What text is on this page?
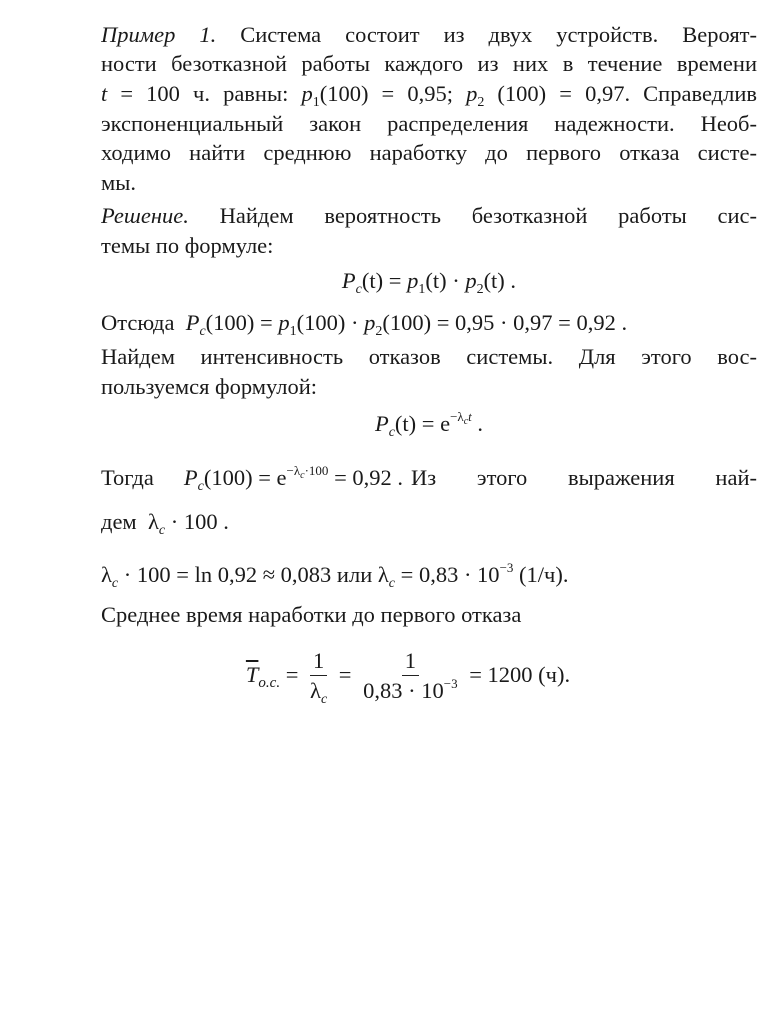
Пример 1. Система состоит из двух устройств. Вероят-
ности безотказной работы каждого из них в течение времени
t = 100 ч. равны: $p_1(100) = 0,95$; $p_2$ (100) = 0,97. Справедлив
экспоненциальный закон распределения надежности. Необ-
ходимо найти среднюю наработку до первого отказа систе-
мы.
Решение. Найдем вероятность безотказной работы сис-
темы по формуле:
$P_c(t) = p_1(t) \cdot p_2(t)$ .
Отсюда $P_c(100) = p_1(100) \cdot p_2(100) = 0,95 \cdot 0,97 = 0,92$ .
Найдем интенсивность отказов системы. Для этого вос-
пользуемся формулой:
$P_c(t) = e^{-\lambda_ct}$ .
Тогда $P_c(100) = e^{-\lambda_c\cdot 100} = 0,92$ . Из этого выражения най-
дем $\lambda_c \cdot 100$ .
$\lambda_c \cdot 100 = \ln 0,92 \approx 0,083$ или $\lambda_c = 0,83 \cdot 10^{-3}$ (1/ч).
Среднее время наработки до первого отказа
$\overline{T}_{o.c.} = \frac{1}{\lambda_c} = \frac{1}{0,83 \cdot 10^{-3}} = 1200$ (ч).
